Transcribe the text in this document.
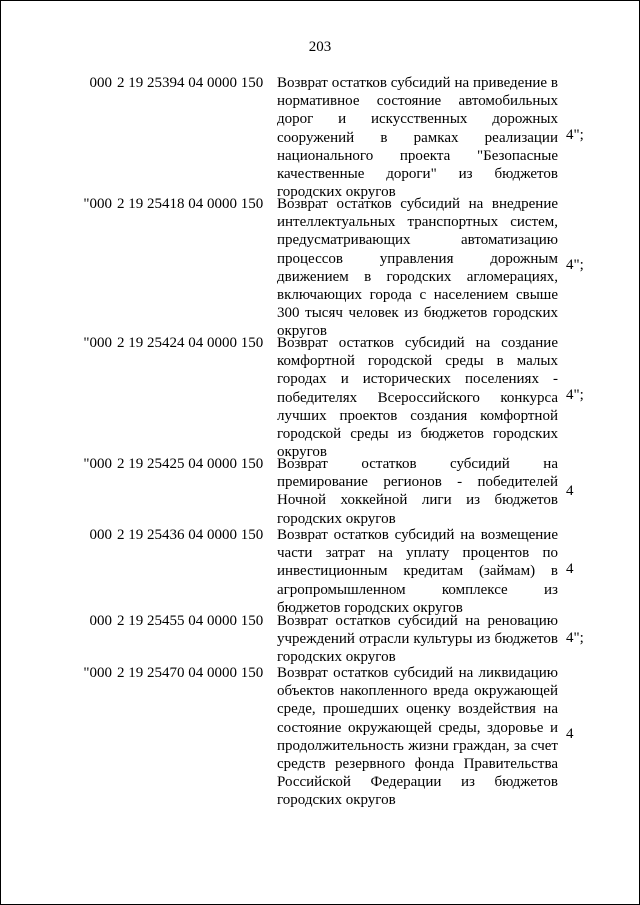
203
000 2 19 25394 04 0000 150 Возврат остатков субсидий на приведение в нормативное состояние автомобильных дорог и искусственных дорожных сооружений в рамках реализации национального проекта "Безопасные качественные дороги" из бюджетов городских округов
4";
"000 2 19 25418 04 0000 150 Возврат остатков субсидий на внедрение интеллектуальных транспортных систем, предусматривающих автоматизацию процессов управления дорожным движением в городских агломерациях, включающих города с населением свыше 300 тысяч человек из бюджетов городских округов
4";
"000 2 19 25424 04 0000 150 Возврат остатков субсидий на создание комфортной городской среды в малых городах и исторических поселениях - победителях Всероссийского конкурса лучших проектов создания комфортной городской среды из бюджетов городских округов
4";
"000 2 19 25425 04 0000 150 Возврат остатков субсидий на премирование регионов - победителей Ночной хоккейной лиги из бюджетов городских округов
4
000 2 19 25436 04 0000 150 Возврат остатков субсидий на возмещение части затрат на уплату процентов по инвестиционным кредитам (займам) в агропромышленном комплексе из бюджетов городских округов
4
000 2 19 25455 04 0000 150 Возврат остатков субсидий на реновацию учреждений отрасли культуры из бюджетов городских округов
4";
"000 2 19 25470 04 0000 150 Возврат остатков субсидий на ликвидацию объектов накопленного вреда окружающей среде, прошедших оценку воздействия на состояние окружающей среды, здоровье и продолжительность жизни граждан, за счет средств резервного фонда Правительства Российской Федерации из бюджетов городских округов
4
